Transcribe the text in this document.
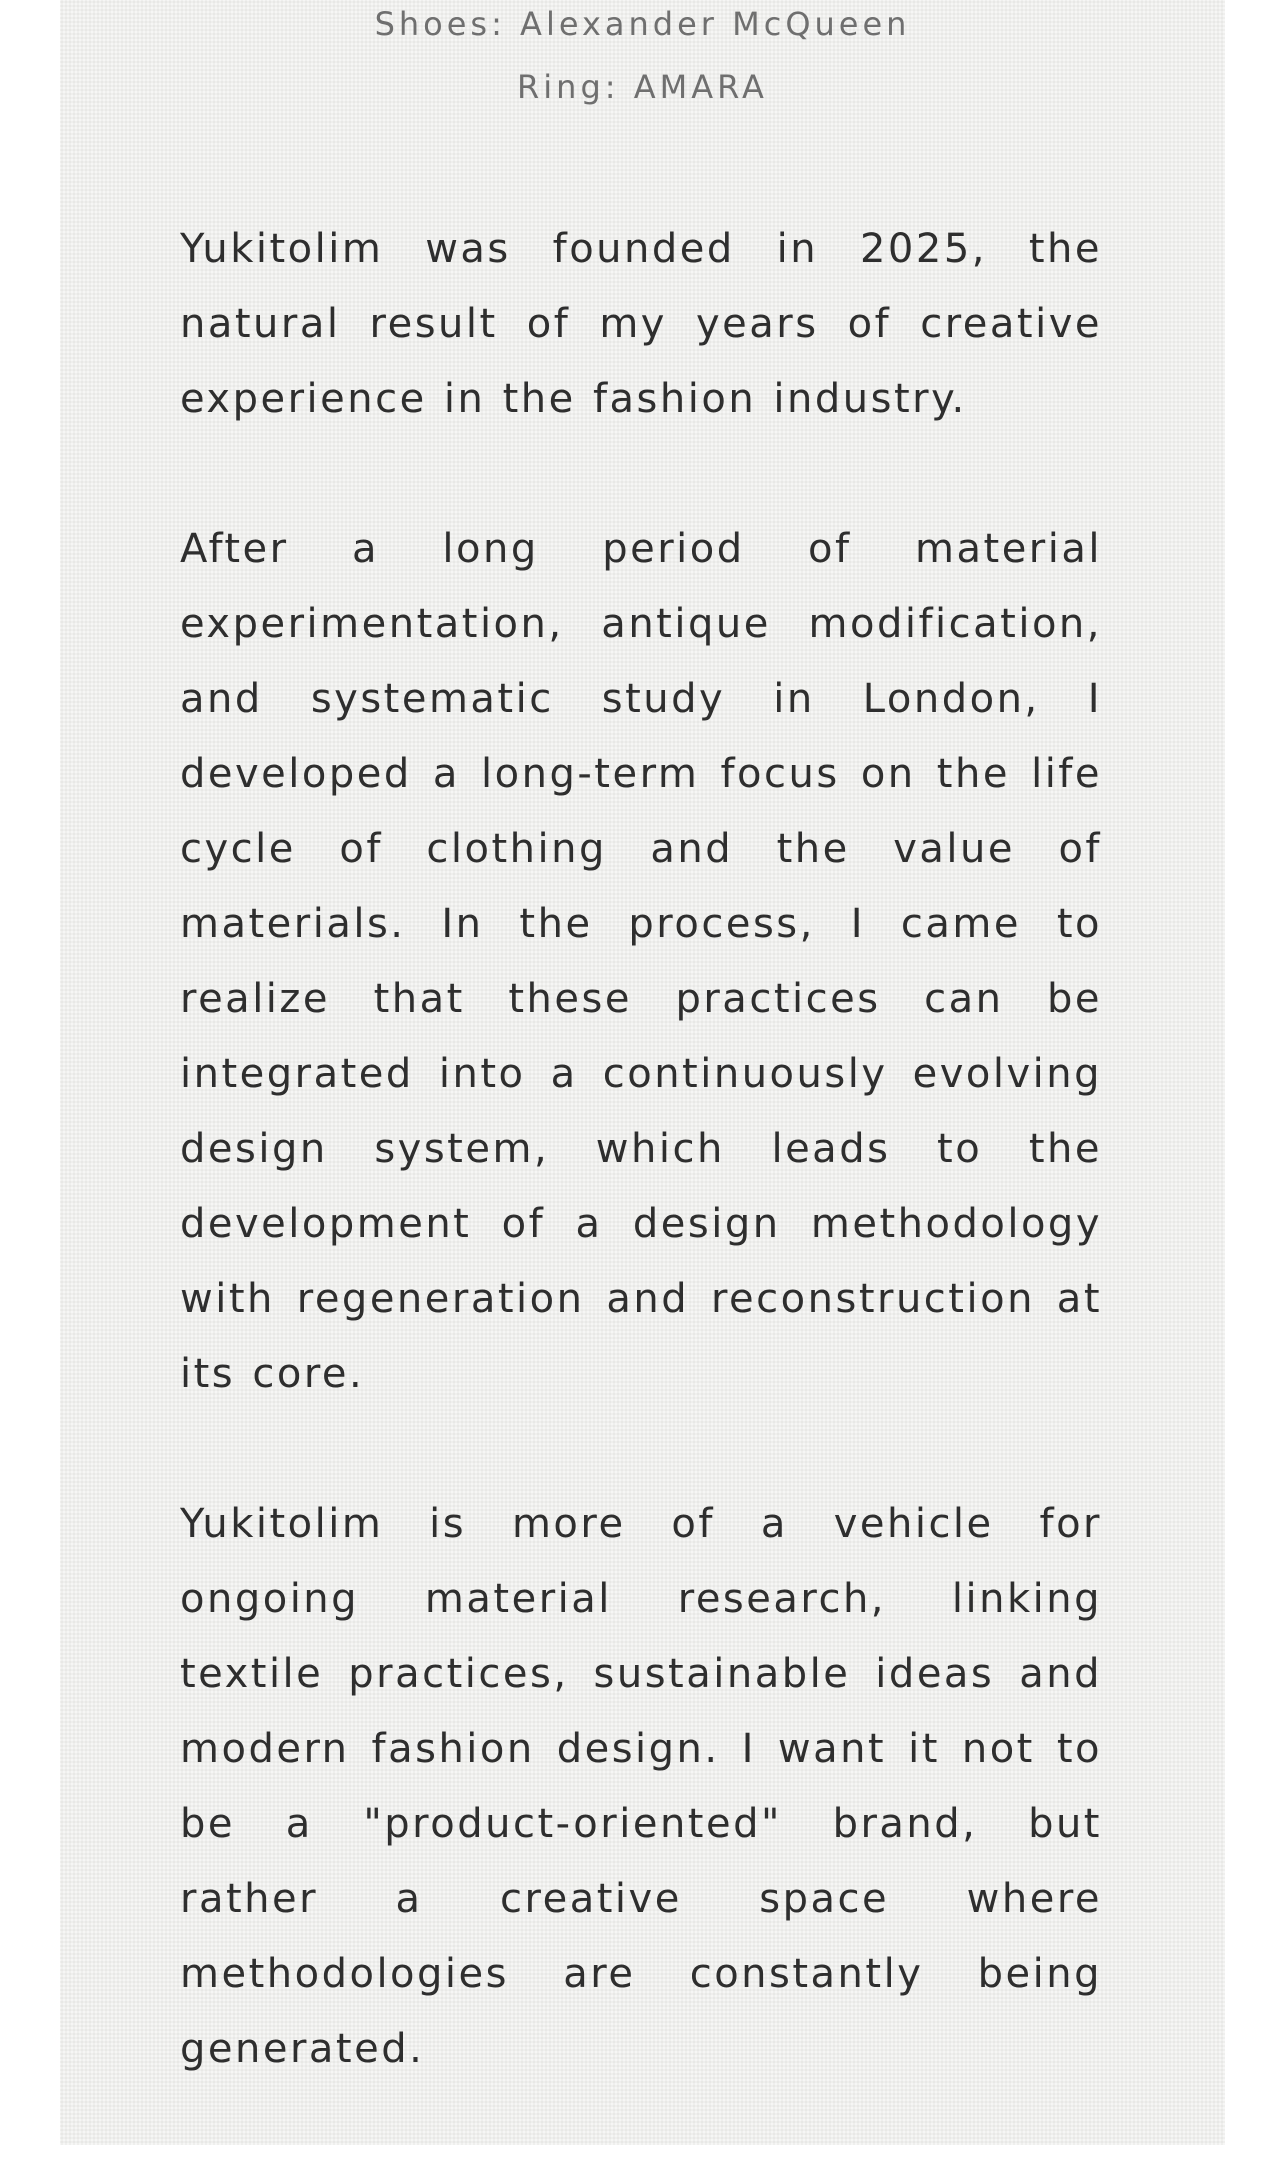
Shoes: Alexander McQueen

Ring: AMARA

Yukitolim was founded in 2025, the natural result of my years of creative experience in the fashion industry.

After a long period of material experimentation, antique modification, and systematic study in London, I developed a long-term focus on the life cycle of clothing and the value of materials. In the process, I came to realize that these practices can be integrated into a continuously evolving design system, which leads to the development of a design methodology with regeneration and reconstruction at its core.

Yukitolim is more of a vehicle for ongoing material research, linking textile practices, sustainable ideas and modern fashion design. I want it not to be a "product-oriented" brand, but rather a creative space where methodologies are constantly being generated.
